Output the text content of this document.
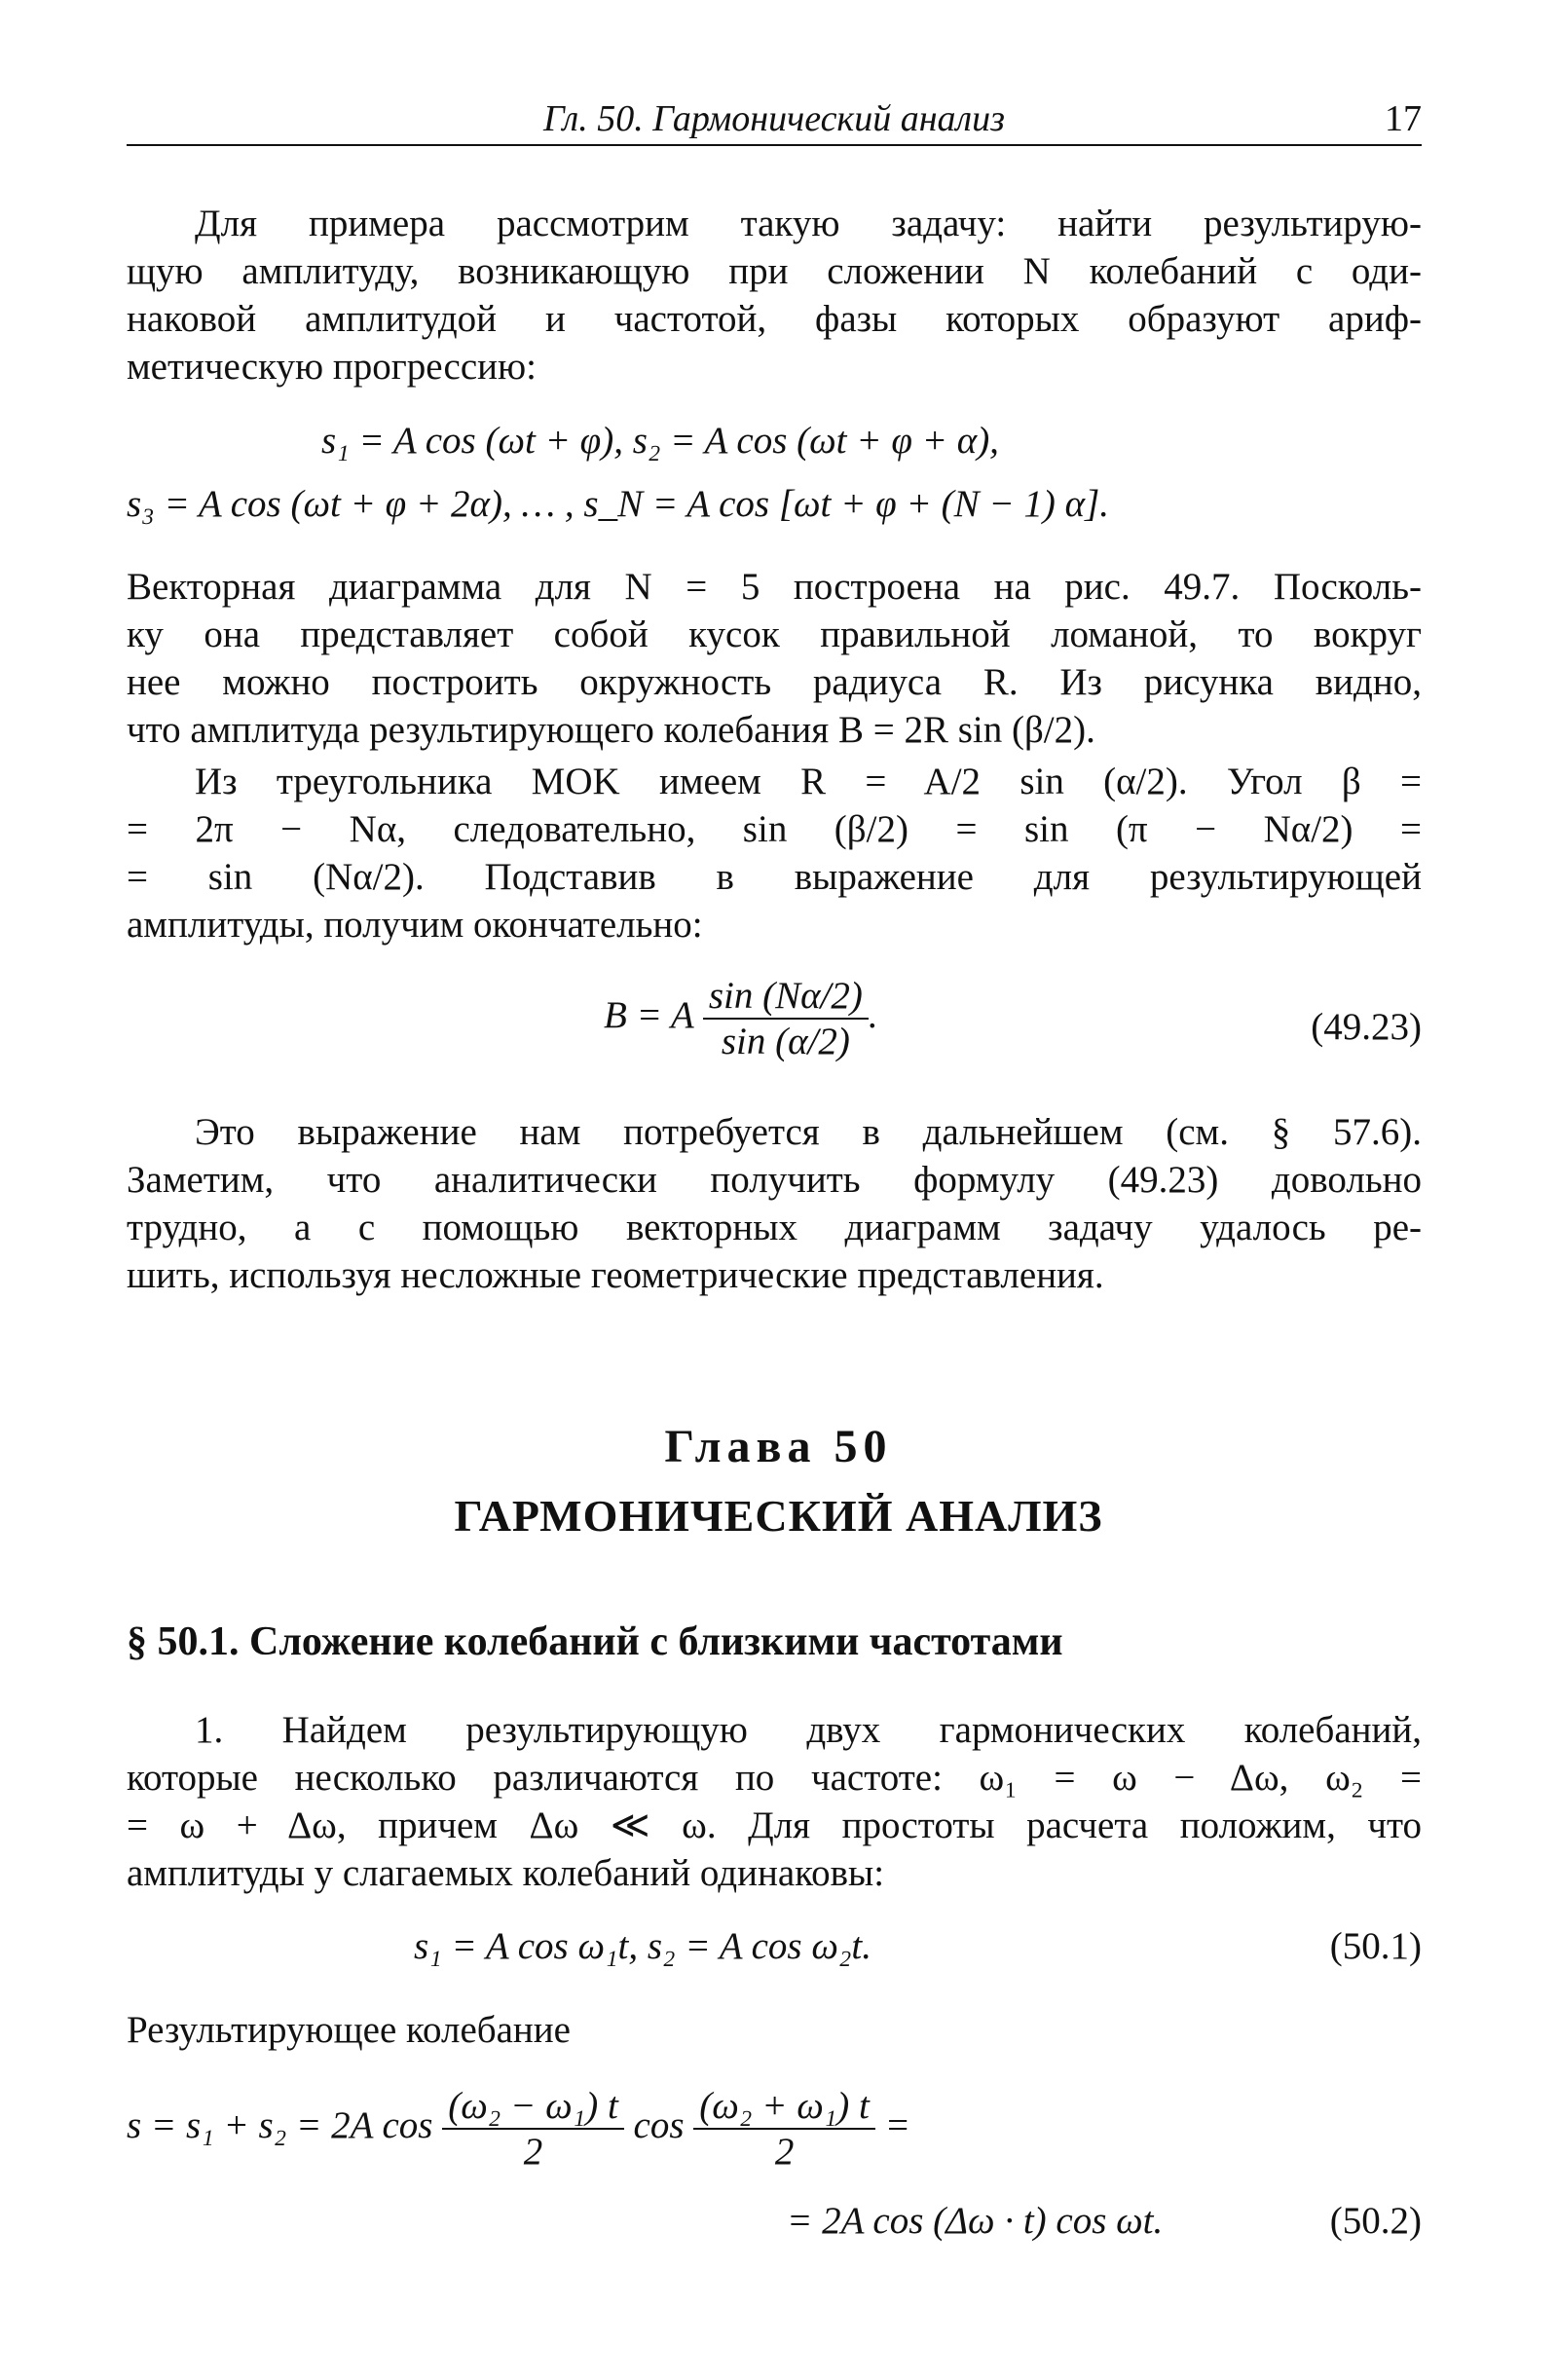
Гл. 50. Гармонический анализ	17
Для примера рассмотрим такую задачу: найти результирую-
щую амплитуду, возникающую при сложении N колебаний с оди-
наковой амплитудой и частотой, фазы которых образуют ариф-
метическую прогрессию:
s₁ = A cos (ωt + φ), s₂ = A cos (ωt + φ + α),
s₃ = A cos (ωt + φ + 2α), … , s_N = A cos [ωt + φ + (N − 1) α].
Векторная диаграмма для N = 5 построена на рис. 49.7. Посколь-
ку она представляет собой кусок правильной ломаной, то вокруг
нее можно построить окружность радиуса R. Из рисунка видно,
что амплитуда результирующего колебания B = 2R sin (β/2).
Из треугольника MOK имеем R = A/2 sin (α/2). Угол β =
= 2π − Nα, следовательно, sin (β/2) = sin (π − Nα/2) =
= sin (Nα/2). Подставив в выражение для результирующей
амплитуды, получим окончательно:
B = A $\frac{\sin (N\alpha/2)}{\sin (\alpha/2)}$ .	(49.23)
Это выражение нам потребуется в дальнейшем (см. § 57.6).
Заметим, что аналитически получить формулу (49.23) довольно
трудно, а с помощью векторных диаграмм задачу удалось ре-
шить, используя несложные геометрические представления.
Глава 50
ГАРМОНИЧЕСКИЙ АНАЛИЗ
§ 50.1. Сложение колебаний с близкими частотами
1. Найдем результирующую двух гармонических колебаний,
которые несколько различаются по частоте: ω₁ = ω − Δω, ω₂ =
= ω + Δω, причем Δω ≪ ω. Для простоты расчета положим, что
амплитуды у слагаемых колебаний одинаковы:
s₁ = A cos ω₁t, s₂ = A cos ω₂t.	(50.1)
Результирующее колебание
s = s₁ + s₂ = 2A $\cos \frac{\text{(ω₂ − ω₁) t}}{2}$ $\cos \frac{\text{(ω₂ + ω₁) t}}{2}$ =
= 2A cos (Δω · t) cos ωt.	(50.2)
